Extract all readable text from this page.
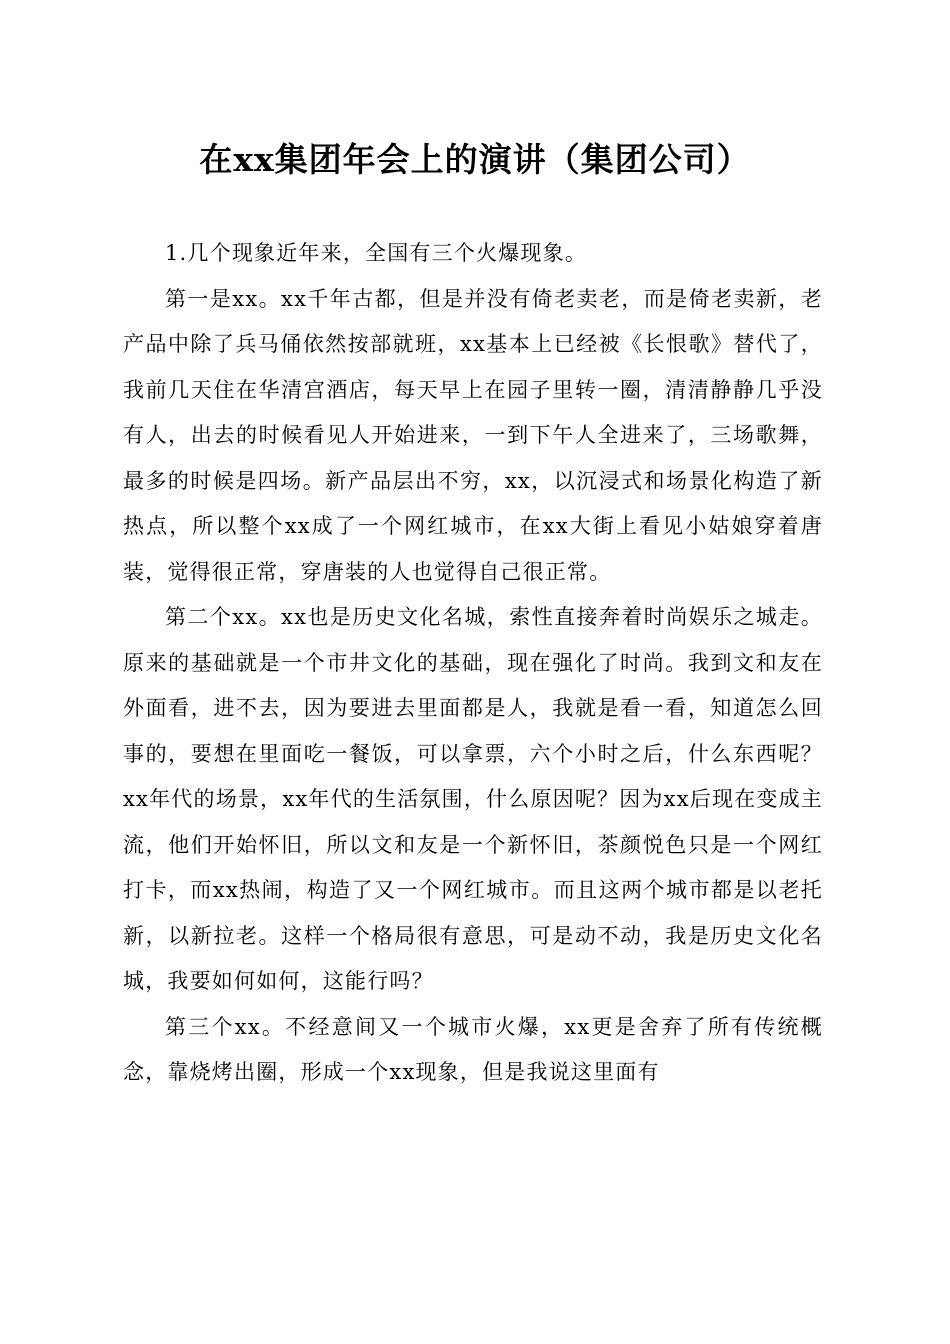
在xx集团年会上的演讲（集团公司）

1.几个现象近年来，全国有三个火爆现象。

第一是xx。xx千年古都，但是并没有倚老卖老，而是倚老卖新，老产品中除了兵马俑依然按部就班，xx基本上已经被《长恨歌》替代了，我前几天住在华清宫酒店，每天早上在园子里转一圈，清清静静几乎没有人，出去的时候看见人开始进来，一到下午人全进来了，三场歌舞，最多的时候是四场。新产品层出不穷，xx，以沉浸式和场景化构造了新热点，所以整个xx成了一个网红城市，在xx大街上看见小姑娘穿着唐装，觉得很正常，穿唐装的人也觉得自己很正常。

第二个xx。xx也是历史文化名城，索性直接奔着时尚娱乐之城走。原来的基础就是一个市井文化的基础，现在强化了时尚。我到文和友在外面看，进不去，因为要进去里面都是人，我就是看一看，知道怎么回事的，要想在里面吃一餐饭，可以拿票，六个小时之后，什么东西呢？xx年代的场景，xx年代的生活氛围，什么原因呢？因为xx后现在变成主流，他们开始怀旧，所以文和友是一个新怀旧，茶颜悦色只是一个网红打卡，而xx热闹，构造了又一个网红城市。而且这两个城市都是以老托新，以新拉老。这样一个格局很有意思，可是动不动，我是历史文化名城，我要如何如何，这能行吗？

第三个xx。不经意间又一个城市火爆，xx更是舍弃了所有传统概念，靠烧烤出圈，形成一个xx现象，但是我说这里面有
